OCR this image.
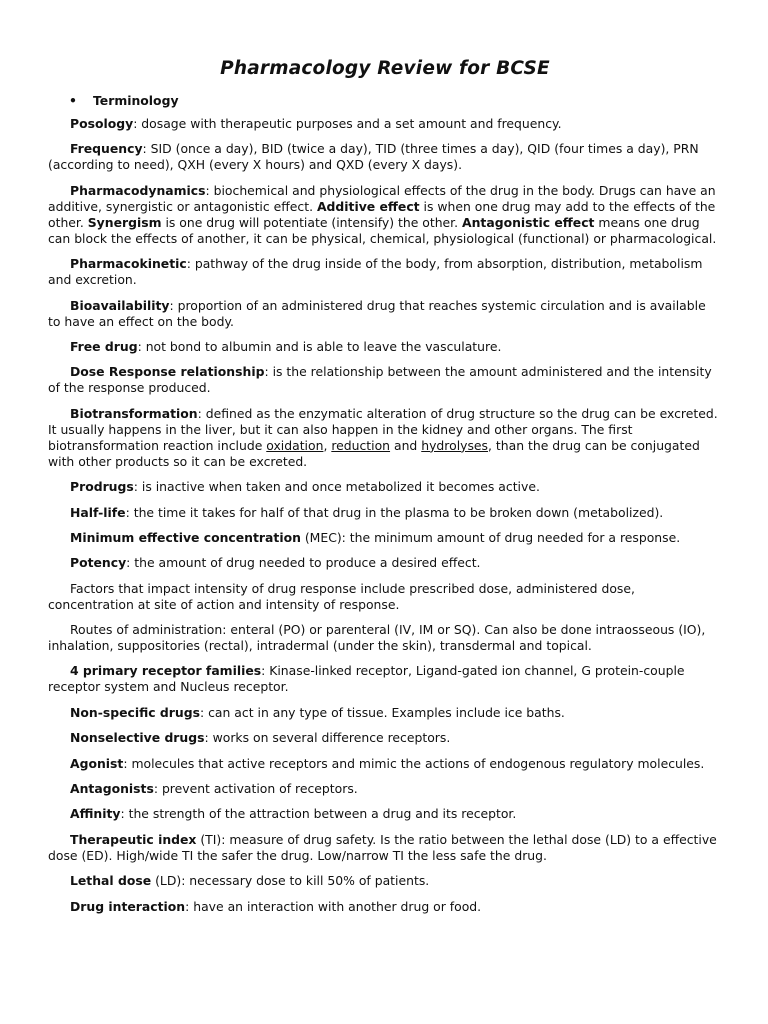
Pharmacology Review for BCSE
• Terminology

Posology: dosage with therapeutic purposes and a set amount and frequency.

Frequency: SID (once a day), BID (twice a day), TID (three times a day), QID (four times a day), PRN (according to need), QXH (every X hours) and QXD (every X days).

Pharmacodynamics: biochemical and physiological effects of the drug in the body. Drugs can have an additive, synergistic or antagonistic effect. Additive effect is when one drug may add to the effects of the other. Synergism is one drug will potentiate (intensify) the other. Antagonistic effect means one drug can block the effects of another, it can be physical, chemical, physiological (functional) or pharmacological.

Pharmacokinetic: pathway of the drug inside of the body, from absorption, distribution, metabolism and excretion.

Bioavailability: proportion of an administered drug that reaches systemic circulation and is available to have an effect on the body.

Free drug: not bond to albumin and is able to leave the vasculature.

Dose Response relationship: is the relationship between the amount administered and the intensity of the response produced.

Biotransformation: defined as the enzymatic alteration of drug structure so the drug can be excreted. It usually happens in the liver, but it can also happen in the kidney and other organs. The first biotransformation reaction include oxidation, reduction and hydrolyses, than the drug can be conjugated with other products so it can be excreted.

Prodrugs: is inactive when taken and once metabolized it becomes active.

Half-life: the time it takes for half of that drug in the plasma to be broken down (metabolized).

Minimum effective concentration (MEC): the minimum amount of drug needed for a response.

Potency: the amount of drug needed to produce a desired effect.

Factors that impact intensity of drug response include prescribed dose, administered dose, concentration at site of action and intensity of response.

Routes of administration: enteral (PO) or parenteral (IV, IM or SQ). Can also be done intraosseous (IO), inhalation, suppositories (rectal), intradermal (under the skin), transdermal and topical.

4 primary receptor families: Kinase-linked receptor, Ligand-gated ion channel, G protein-couple receptor system and Nucleus receptor.

Non-specific drugs: can act in any type of tissue. Examples include ice baths.

Nonselective drugs: works on several difference receptors.

Agonist: molecules that active receptors and mimic the actions of endogenous regulatory molecules.

Antagonists: prevent activation of receptors.

Affinity: the strength of the attraction between a drug and its receptor.

Therapeutic index (TI): measure of drug safety. Is the ratio between the lethal dose (LD) to a effective dose (ED). High/wide TI the safer the drug. Low/narrow TI the less safe the drug.

Lethal dose (LD): necessary dose to kill 50% of patients.

Drug interaction: have an interaction with another drug or food.
